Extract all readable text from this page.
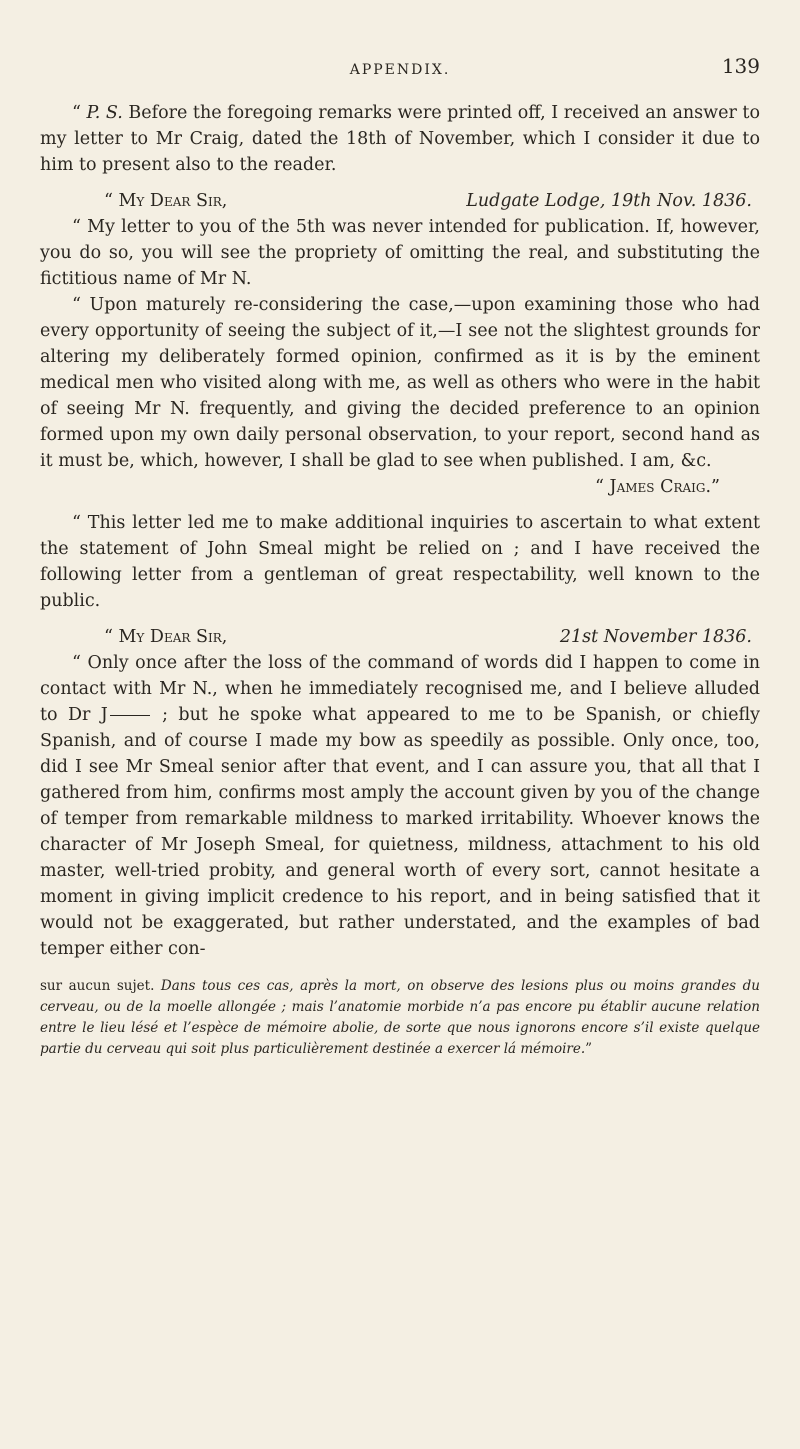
APPENDIX.	139

“ P. S. Before the foregoing remarks were printed off, I received an answer to my letter to Mr Craig, dated the 18th of November, which I consider it due to him to present also to the reader.

“ My Dear Sir,	Ludgate Lodge, 19th Nov. 1836.

“ My letter to you of the 5th was never intended for publication. If, however, you do so, you will see the propriety of omitting the real, and substituting the fictitious name of Mr N.

“ Upon maturely re-considering the case,—upon examining those who had every opportunity of seeing the subject of it,—I see not the slightest grounds for altering my deliberately formed opinion, confirmed as it is by the eminent medical men who visited along with me, as well as others who were in the habit of seeing Mr N. frequently, and giving the decided preference to an opinion formed upon my own daily personal observation, to your report, second hand as it must be, which, however, I shall be glad to see when published. I am, &c.

“ James Craig.”

“ This letter led me to make additional inquiries to ascertain to what extent the statement of John Smeal might be relied on ; and I have received the following letter from a gentleman of great respectability, well known to the public.

“ My Dear Sir,	21st November 1836.

“ Only once after the loss of the command of words did I happen to come in contact with Mr N., when he immediately recognised me, and I believe alluded to Dr J	; but he spoke what appeared to me to be Spanish, or chiefly Spanish, and of course I made my bow as speedily as possible. Only once, too, did I see Mr Smeal senior after that event, and I can assure you, that all that I gathered from him, confirms most amply the account given by you of the change of temper from remarkable mildness to marked irritability. Whoever knows the character of Mr Joseph Smeal, for quietness, mildness, attachment to his old master, well-tried probity, and general worth of every sort, cannot hesitate a moment in giving implicit credence to his report, and in being satisfied that it would not be exaggerated, but rather understated, and the examples of bad temper either con-

sur aucun sujet. Dans tous ces cas, après la mort, on observe des lesions plus ou moins grandes du cerveau, ou de la moelle allongée ; mais l’anatomie morbide n’a pas encore pu établir aucune relation entre le lieu lésé et l’espèce de mémoire abolie, de sorte que nous ignorons encore s’il existe quelque partie du cerveau qui soit plus particulièrement destinée a exercer lá mémoire.”
